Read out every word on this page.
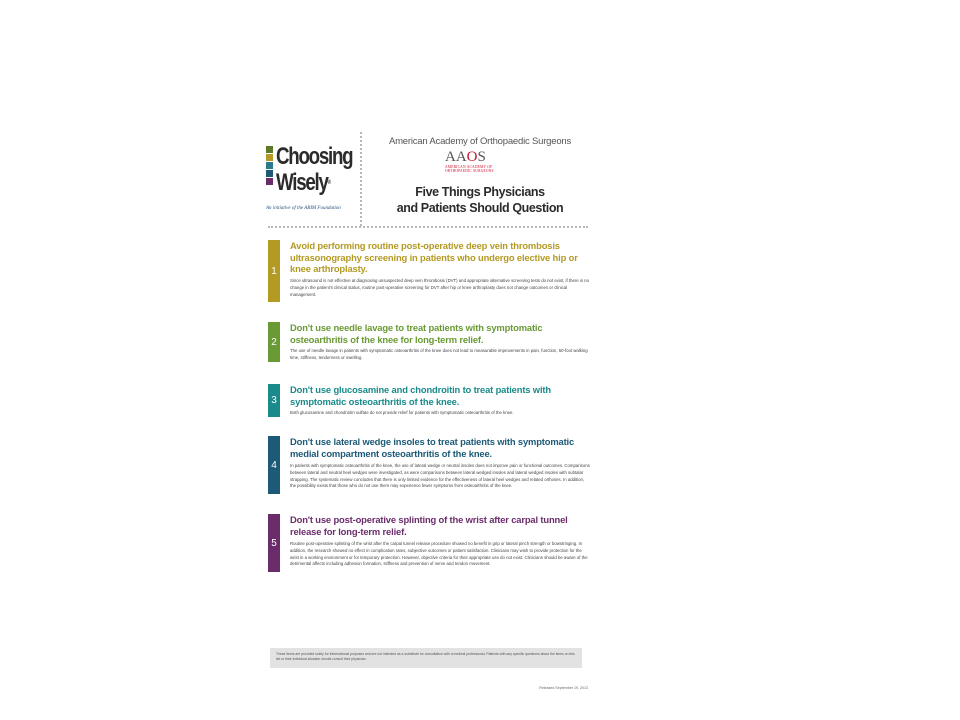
Choosing
Wisely®
An initiative of the ABIM Foundation
American Academy of Orthopaedic Surgeons
AAOS
AMERICAN ACADEMY OF
ORTHOPAEDIC SURGEONS
Five Things Physicians
and Patients Should Question
1
Avoid performing routine post-operative deep vein thrombosis ultrasonography screening in patients who undergo elective hip or knee arthroplasty.
Since ultrasound is not effective at diagnosing unsuspected deep vein thrombosis (DVT) and appropriate alternative screening tests do not exist, if there is no change in the patient's clinical status, routine post-operative screening for DVT after hip or knee arthroplasty does not change outcomes or clinical management.
2
Don't use needle lavage to treat patients with symptomatic osteoarthritis of the knee for long-term relief.
The use of needle lavage in patients with symptomatic osteoarthritis of the knee does not lead to measurable improvements in pain, function, 50-foot walking time, stiffness, tenderness or swelling.
3
Don't use glucosamine and chondroitin to treat patients with symptomatic osteoarthritis of the knee.
Both glucosamine and chondroitin sulfate do not provide relief for patients with symptomatic osteoarthritis of the knee.
4
Don't use lateral wedge insoles to treat patients with symptomatic medial compartment osteoarthritis of the knee.
In patients with symptomatic osteoarthritis of the knee, the use of lateral wedge or neutral insoles does not improve pain or functional outcomes. Comparisons between lateral and neutral heel wedges were investigated, as were comparisons between lateral wedged insoles and lateral wedged insoles with subtalar strapping. The systematic review concludes that there is only limited evidence for the effectiveness of lateral heel wedges and related orthoses. In addition, the possibility exists that those who do not use them may experience fewer symptoms from osteoarthritis of the knee.
5
Don't use post-operative splinting of the wrist after carpal tunnel release for long-term relief.
Routine post-operative splinting of the wrist after the carpal tunnel release procedure showed no benefit in grip or lateral pinch strength or bowstringing. In addition, the research showed no effect in complication rates, subjective outcomes or patient satisfaction. Clinicians may wish to provide protection for the wrist in a working environment or for temporary protection. However, objective criteria for their appropriate use do not exist. Clinicians should be aware of the detrimental affects including adhesion formation, stiffness and prevention of nerve and tendon movement.
These items are provided solely for informational purposes and are not intended as a substitute for consultation with a medical professional. Patients with any specific questions about the items on this list or their individual situation should consult their physician.
Released September 19, 2013
